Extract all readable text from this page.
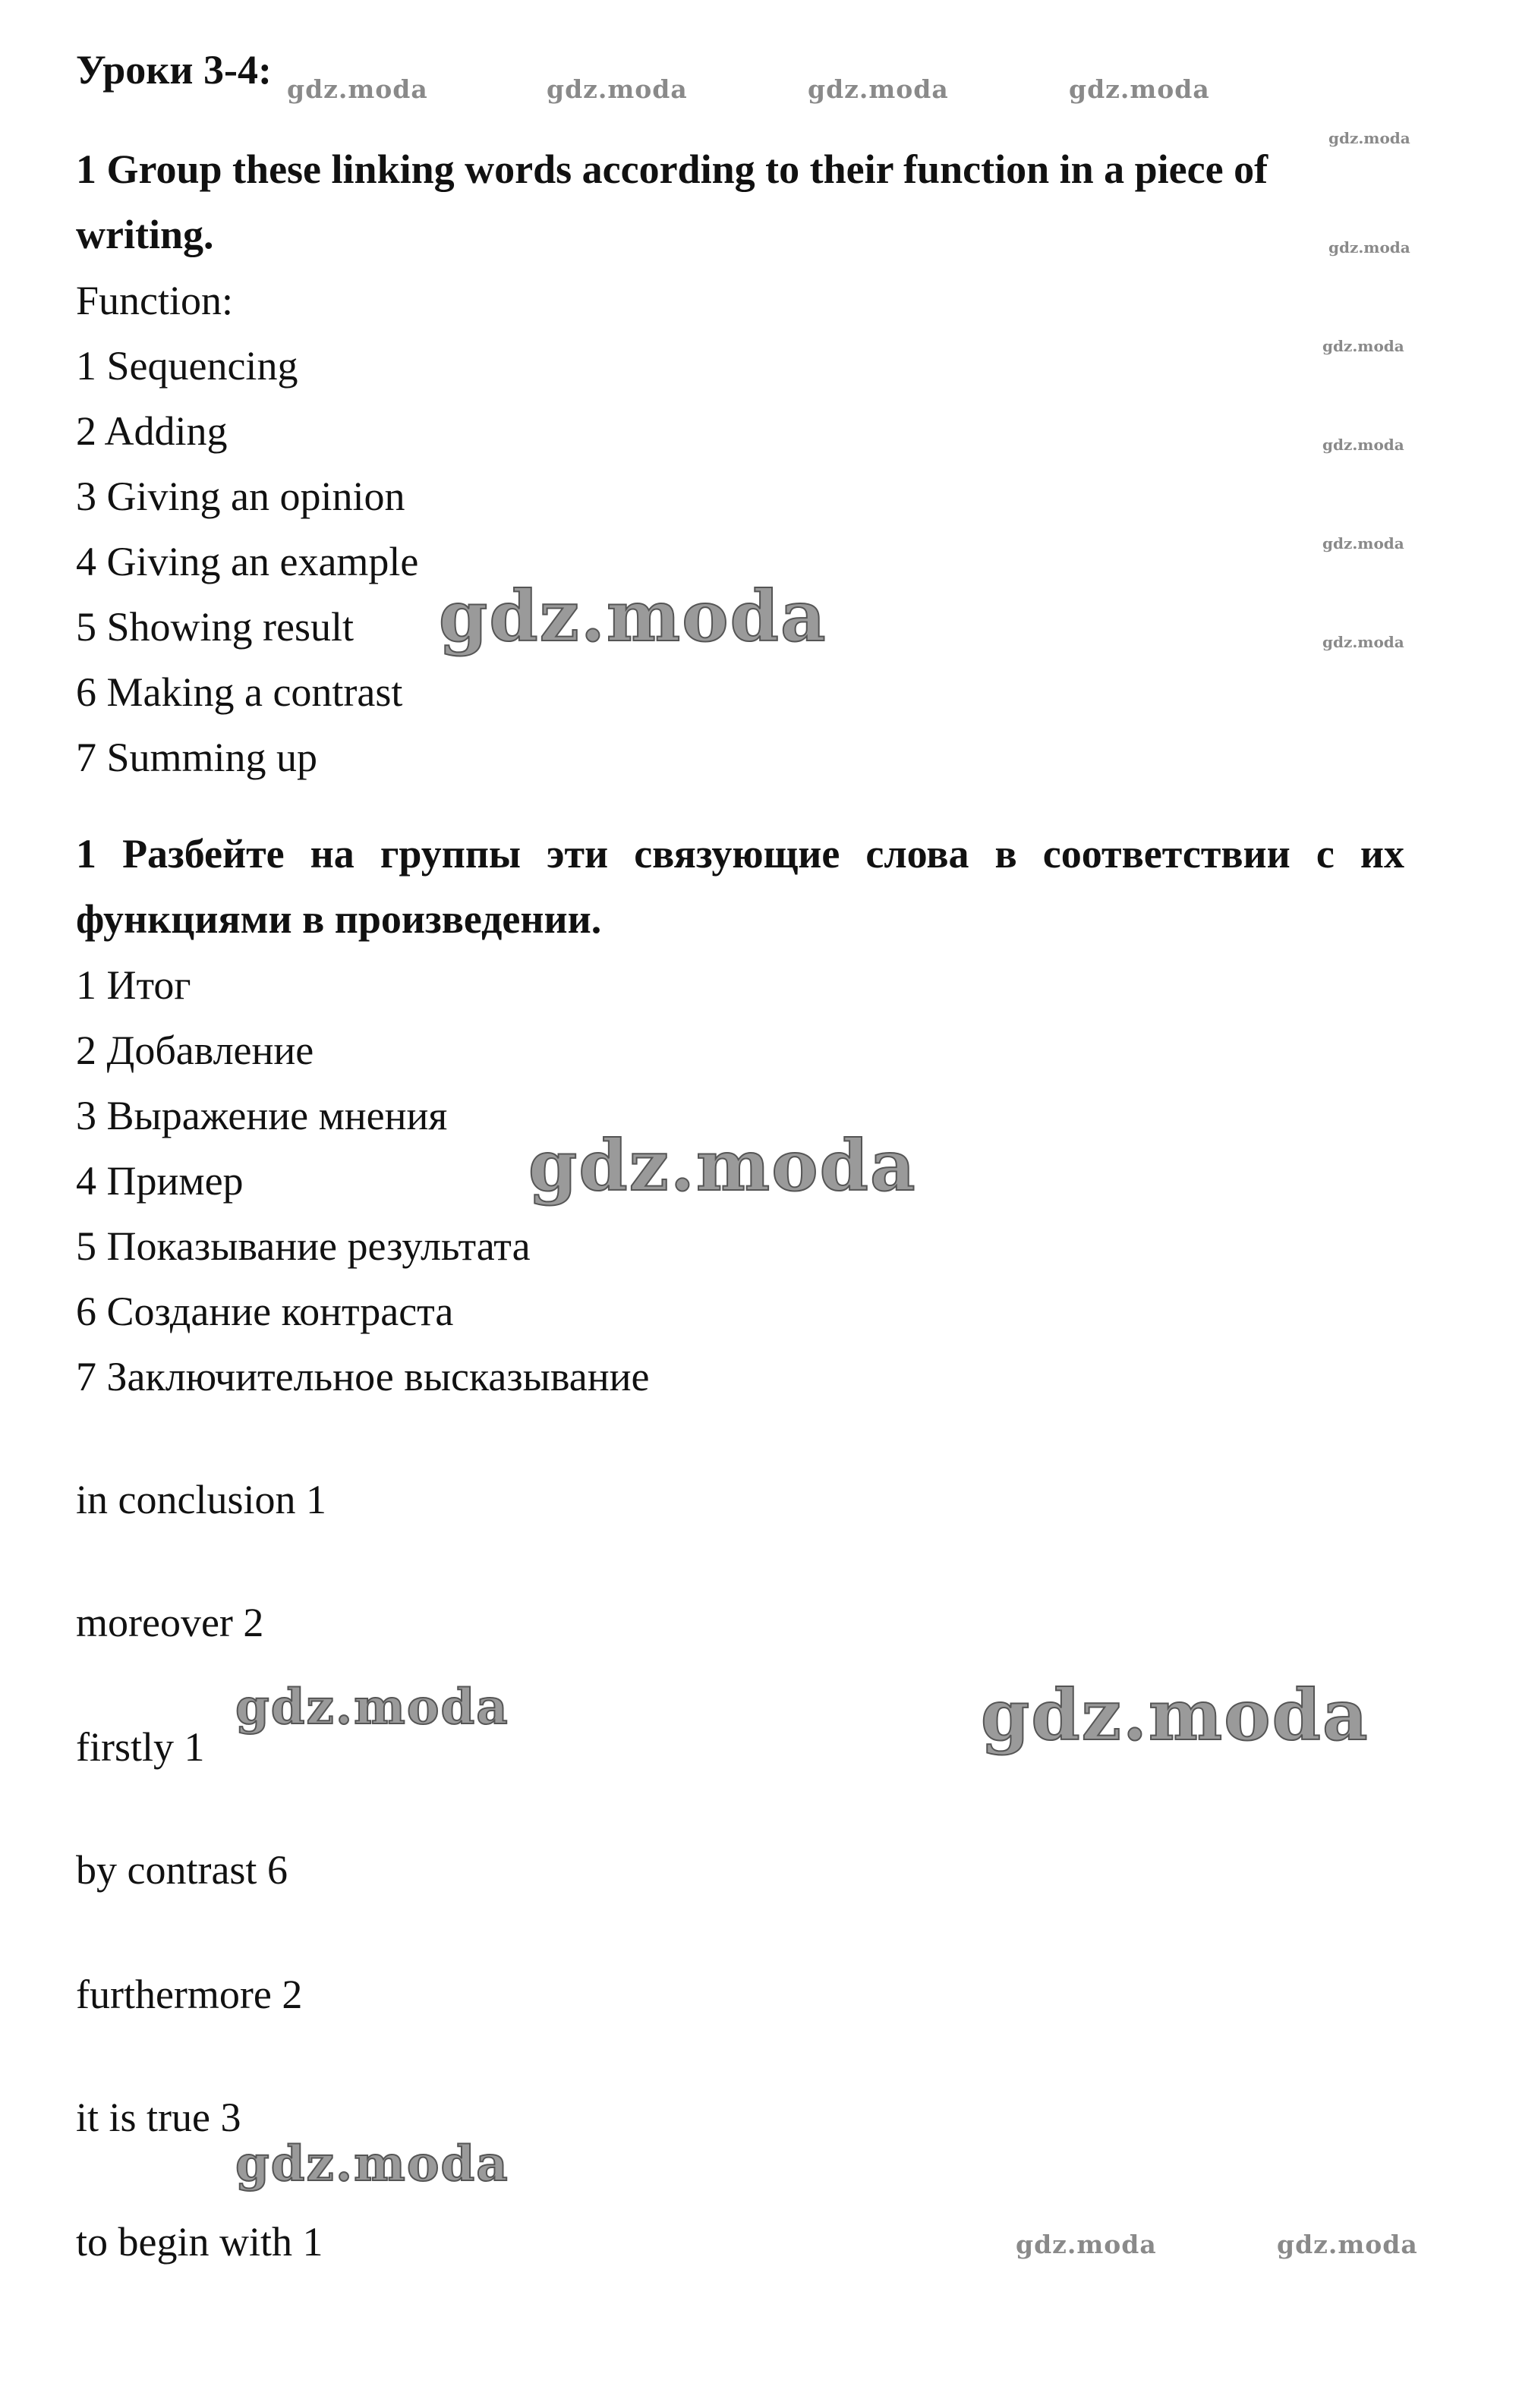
Уроки 3-4:
1 Group these linking words according to their function in a piece of writing.
Function:
1 Sequencing
2 Adding
3 Giving an opinion
4 Giving an example
5 Showing result
6 Making a contrast
7 Summing up
1 Разбейте на группы эти связующие слова в соответствии с их функциями в произведении.
1 Итог
2 Добавление
3 Выражение мнения
4 Пример
5 Показывание результата
6 Создание контраста
7 Заключительное высказывание
in conclusion 1
moreover 2
firstly 1
by contrast 6
furthermore 2
it is true 3
to begin with 1
gdz.moda	gdz.moda	gdz.moda	gdz.moda
gdz.moda
gdz.moda
gdz.moda
gdz.moda
gdz.moda
gdz.moda
gdz.moda
gdz.moda
gdz.moda
gdz.moda
gdz.moda
gdz.moda	gdz.moda
